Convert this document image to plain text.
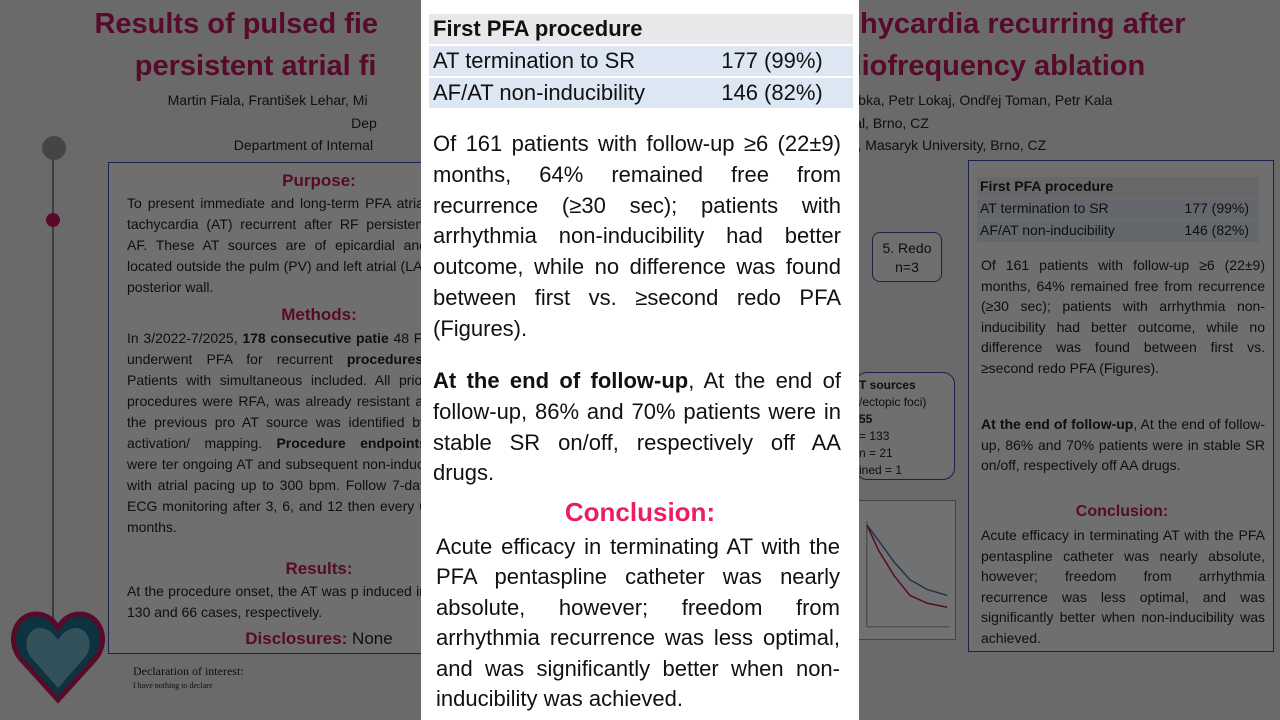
First PFA procedure
AT termination to SR	177 (99%)
AF/AT non-inducibility	146 (82%)
Of 161 patients with follow-up ≥6 (22±9) months, 64% remained free from recurrence (≥30 sec); patients with arrhythmia non-inducibility had better outcome, while no difference was found between first vs. ≥second redo PFA (Figures).
At the end of follow-up, At the end of follow-up, 86% and 70% patients were in stable SR on/off, respectively off AA drugs.
Conclusion:
Acute efficacy in terminating AT with the PFA pentaspline catheter was nearly absolute, however; freedom from arrhythmia recurrence was less optimal, and was significantly better when non-inducibility was achieved.
